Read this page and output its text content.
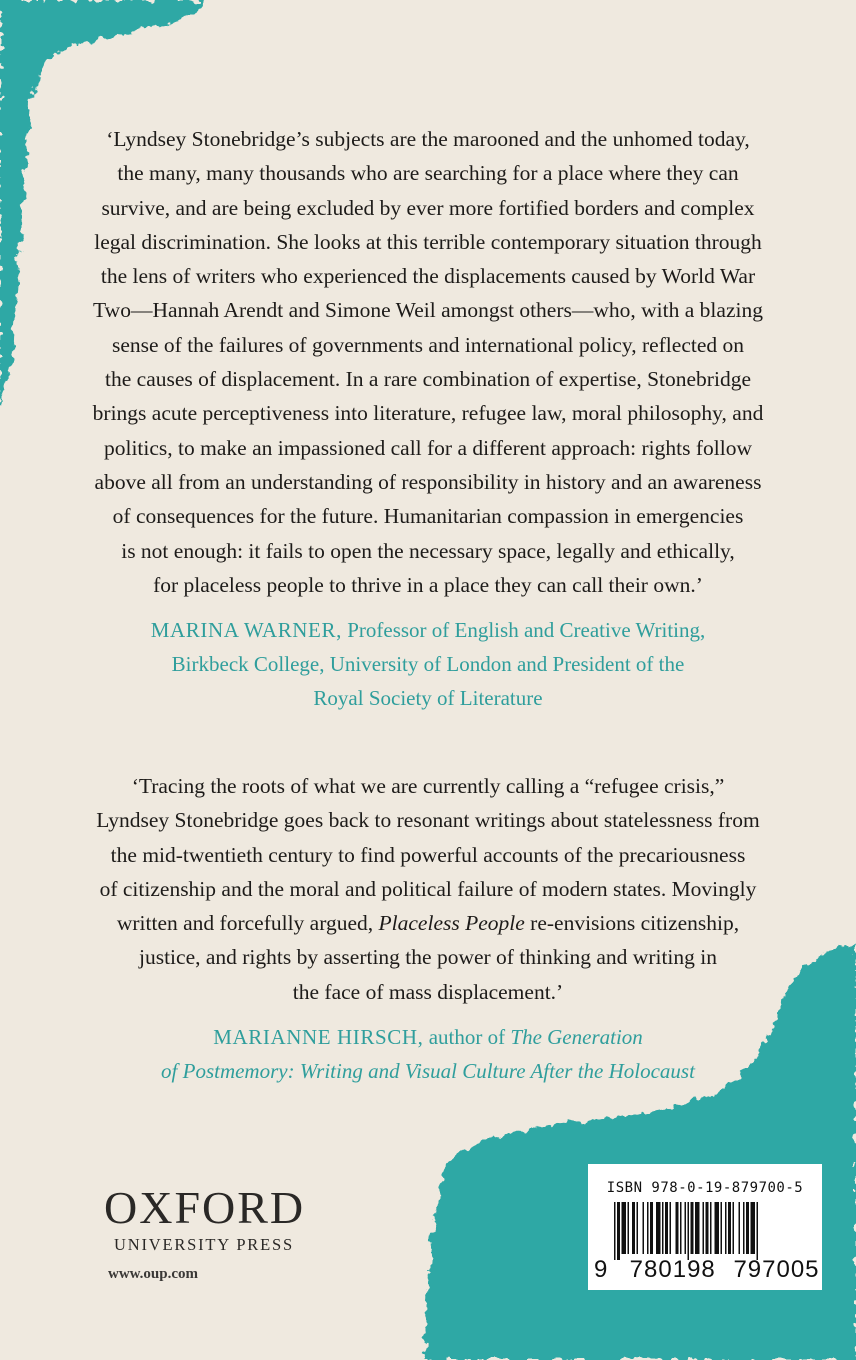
‘Lyndsey Stonebridge’s subjects are the marooned and the unhomed today,
the many, many thousands who are searching for a place where they can
survive, and are being excluded by ever more fortified borders and complex
legal discrimination. She looks at this terrible contemporary situation through
the lens of writers who experienced the displacements caused by World War
Two—Hannah Arendt and Simone Weil amongst others—who, with a blazing
sense of the failures of governments and international policy, reflected on
the causes of displacement. In a rare combination of expertise, Stonebridge
brings acute perceptiveness into literature, refugee law, moral philosophy, and
politics, to make an impassioned call for a different approach: rights follow
above all from an understanding of responsibility in history and an awareness
of consequences for the future. Humanitarian compassion in emergencies
is not enough: it fails to open the necessary space, legally and ethically,
for placeless people to thrive in a place they can call their own.’

MARINA WARNER, Professor of English and Creative Writing,
Birkbeck College, University of London and President of the
Royal Society of Literature

‘Tracing the roots of what we are currently calling a “refugee crisis,”
Lyndsey Stonebridge goes back to resonant writings about statelessness from
the mid-twentieth century to find powerful accounts of the precariousness
of citizenship and the moral and political failure of modern states. Movingly
written and forcefully argued, Placeless People re-envisions citizenship,
justice, and rights by asserting the power of thinking and writing in
the face of mass displacement.’

MARIANNE HIRSCH, author of The Generation
of Postmemory: Writing and Visual Culture After the Holocaust

OXFORD
UNIVERSITY PRESS
www.oup.com
ISBN 978-0-19-879700-5
9 780198 797005
